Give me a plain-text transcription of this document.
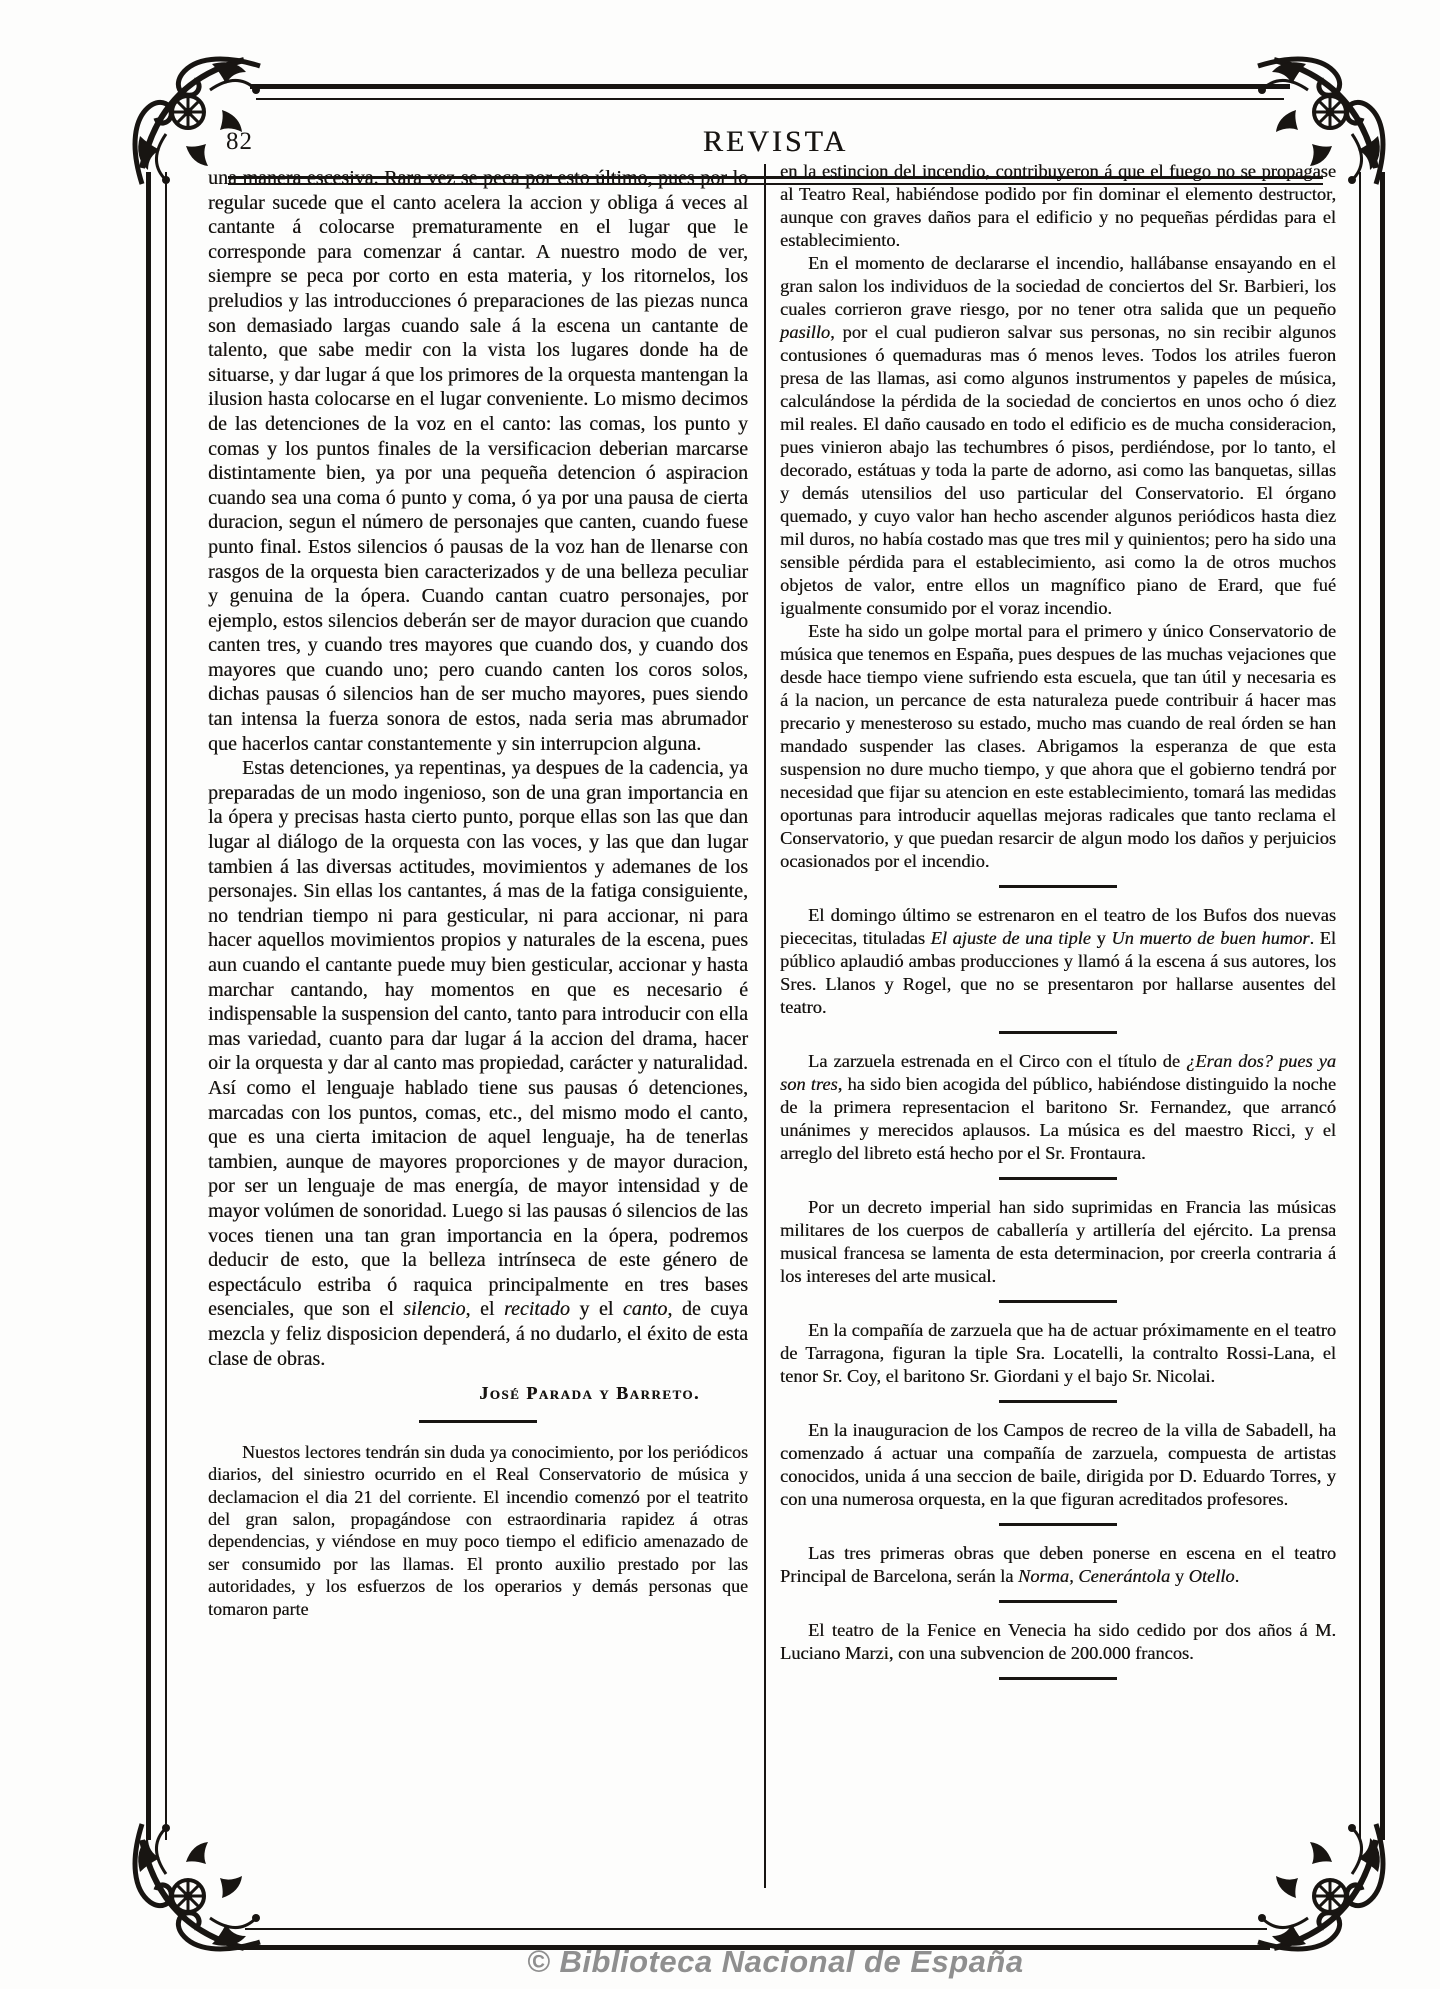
82	REVISTA

una manera escesiva. Rara vez se peca por esto último, pues por lo regular sucede que el canto acelera la accion y obliga á veces al cantante á colocarse prematuramente en el lugar que le corresponde para comenzar á cantar. A nuestro modo de ver, siempre se peca por corto en esta materia, y los ritornelos, los preludios y las introducciones ó preparaciones de las piezas nunca son demasiado largas cuando sale á la escena un cantante de talento, que sabe medir con la vista los lugares donde ha de situarse, y dar lugar á que los primores de la orquesta mantengan la ilusion hasta colocarse en el lugar conveniente. Lo mismo decimos de las detenciones de la voz en el canto: las comas, los punto y comas y los puntos finales de la versificacion deberian marcarse distintamente bien, ya por una pequeña detencion ó aspiracion cuando sea una coma ó punto y coma, ó ya por una pausa de cierta duracion, segun el número de personajes que canten, cuando fuese punto final. Estos silencios ó pausas de la voz han de llenarse con rasgos de la orquesta bien caracterizados y de una belleza peculiar y genuina de la ópera. Cuando cantan cuatro personajes, por ejemplo, estos silencios deberán ser de mayor duracion que cuando canten tres, y cuando tres mayores que cuando dos, y cuando dos mayores que cuando uno; pero cuando canten los coros solos, dichas pausas ó silencios han de ser mucho mayores, pues siendo tan intensa la fuerza sonora de estos, nada seria mas abrumador que hacerlos cantar constantemente y sin interrupcion alguna.

Estas detenciones, ya repentinas, ya despues de la cadencia, ya preparadas de un modo ingenioso, son de una gran importancia en la ópera y precisas hasta cierto punto, porque ellas son las que dan lugar al diálogo de la orquesta con las voces, y las que dan lugar tambien á las diversas actitudes, movimientos y ademanes de los personajes. Sin ellas los cantantes, á mas de la fatiga consiguiente, no tendrian tiempo ni para gesticular, ni para accionar, ni para hacer aquellos movimientos propios y naturales de la escena, pues aun cuando el cantante puede muy bien gesticular, accionar y hasta marchar cantando, hay momentos en que es necesario é indispensable la suspension del canto, tanto para introducir con ella mas variedad, cuanto para dar lugar á la accion del drama, hacer oir la orquesta y dar al canto mas propiedad, carácter y naturalidad. Así como el lenguaje hablado tiene sus pausas ó detenciones, marcadas con los puntos, comas, etc., del mismo modo el canto, que es una cierta imitacion de aquel lenguaje, ha de tenerlas tambien, aunque de mayores proporciones y de mayor duracion, por ser un lenguaje de mas energía, de mayor intensidad y de mayor volúmen de sonoridad. Luego si las pausas ó silencios de las voces tienen una tan gran importancia en la ópera, podremos deducir de esto, que la belleza intrínseca de este género de espectáculo estriba ó raquica principalmente en tres bases esenciales, que son el silencio, el recitado y el canto, de cuya mezcla y feliz disposicion dependerá, á no dudarlo, el éxito de esta clase de obras.

José Parada y Barreto.

Nuestos lectores tendrán sin duda ya conocimiento, por los periódicos diarios, del siniestro ocurrido en el Real Conservatorio de música y declamacion el dia 21 del corriente. El incendio comenzó por el teatrito del gran salon, propagándose con estraordinaria rapidez á otras dependencias, y viéndose en muy poco tiempo el edificio amenazado de ser consumido por las llamas. El pronto auxilio prestado por las autoridades, y los esfuerzos de los operarios y demás personas que tomaron parte

en la estincion del incendio, contribuyeron á que el fuego no se propagase al Teatro Real, habiéndose podido por fin dominar el elemento destructor, aunque con graves daños para el edificio y no pequeñas pérdidas para el establecimiento.

En el momento de declararse el incendio, hallábanse ensayando en el gran salon los individuos de la sociedad de conciertos del Sr. Barbieri, los cuales corrieron grave riesgo, por no tener otra salida que un pequeño pasillo, por el cual pudieron salvar sus personas, no sin recibir algunos contusiones ó quemaduras mas ó menos leves. Todos los atriles fueron presa de las llamas, asi como algunos instrumentos y papeles de música, calculándose la pérdida de la sociedad de conciertos en unos ocho ó diez mil reales. El daño causado en todo el edificio es de mucha consideracion, pues vinieron abajo las techumbres ó pisos, perdiéndose, por lo tanto, el decorado, estátuas y toda la parte de adorno, asi como las banquetas, sillas y demás utensilios del uso particular del Conservatorio. El órgano quemado, y cuyo valor han hecho ascender algunos periódicos hasta diez mil duros, no había costado mas que tres mil y quinientos; pero ha sido una sensible pérdida para el establecimiento, asi como la de otros muchos objetos de valor, entre ellos un magnífico piano de Erard, que fué igualmente consumido por el voraz incendio.

Este ha sido un golpe mortal para el primero y único Conservatorio de música que tenemos en España, pues despues de las muchas vejaciones que desde hace tiempo viene sufriendo esta escuela, que tan útil y necesaria es á la nacion, un percance de esta naturaleza puede contribuir á hacer mas precario y menesteroso su estado, mucho mas cuando de real órden se han mandado suspender las clases. Abrigamos la esperanza de que esta suspension no dure mucho tiempo, y que ahora que el gobierno tendrá por necesidad que fijar su atencion en este establecimiento, tomará las medidas oportunas para introducir aquellas mejoras radicales que tanto reclama el Conservatorio, y que puedan resarcir de algun modo los daños y perjuicios ocasionados por el incendio.

El domingo último se estrenaron en el teatro de los Bufos dos nuevas piececitas, tituladas El ajuste de una tiple y Un muerto de buen humor. El público aplaudió ambas producciones y llamó á la escena á sus autores, los Sres. Llanos y Rogel, que no se presentaron por hallarse ausentes del teatro.

La zarzuela estrenada en el Circo con el título de ¿Eran dos? pues ya son tres, ha sido bien acogida del público, habiéndose distinguido la noche de la primera representacion el baritono Sr. Fernandez, que arrancó unánimes y merecidos aplausos. La música es del maestro Ricci, y el arreglo del libreto está hecho por el Sr. Frontaura.

Por un decreto imperial han sido suprimidas en Francia las músicas militares de los cuerpos de caballería y artillería del ejército. La prensa musical francesa se lamenta de esta determinacion, por creerla contraria á los intereses del arte musical.

En la compañía de zarzuela que ha de actuar próximamente en el teatro de Tarragona, figuran la tiple Sra. Locatelli, la contralto Rossi-Lana, el tenor Sr. Coy, el baritono Sr. Giordani y el bajo Sr. Nicolai.

En la inauguracion de los Campos de recreo de la villa de Sabadell, ha comenzado á actuar una compañía de zarzuela, compuesta de artistas conocidos, unida á una seccion de baile, dirigida por D. Eduardo Torres, y con una numerosa orquesta, en la que figuran acreditados profesores.

Las tres primeras obras que deben ponerse en escena en el teatro Principal de Barcelona, serán la Norma, Cenerántola y Otello.

El teatro de la Fenice en Venecia ha sido cedido por dos años á M. Luciano Marzi, con una subvencion de 200.000 francos.

© Biblioteca Nacional de España
